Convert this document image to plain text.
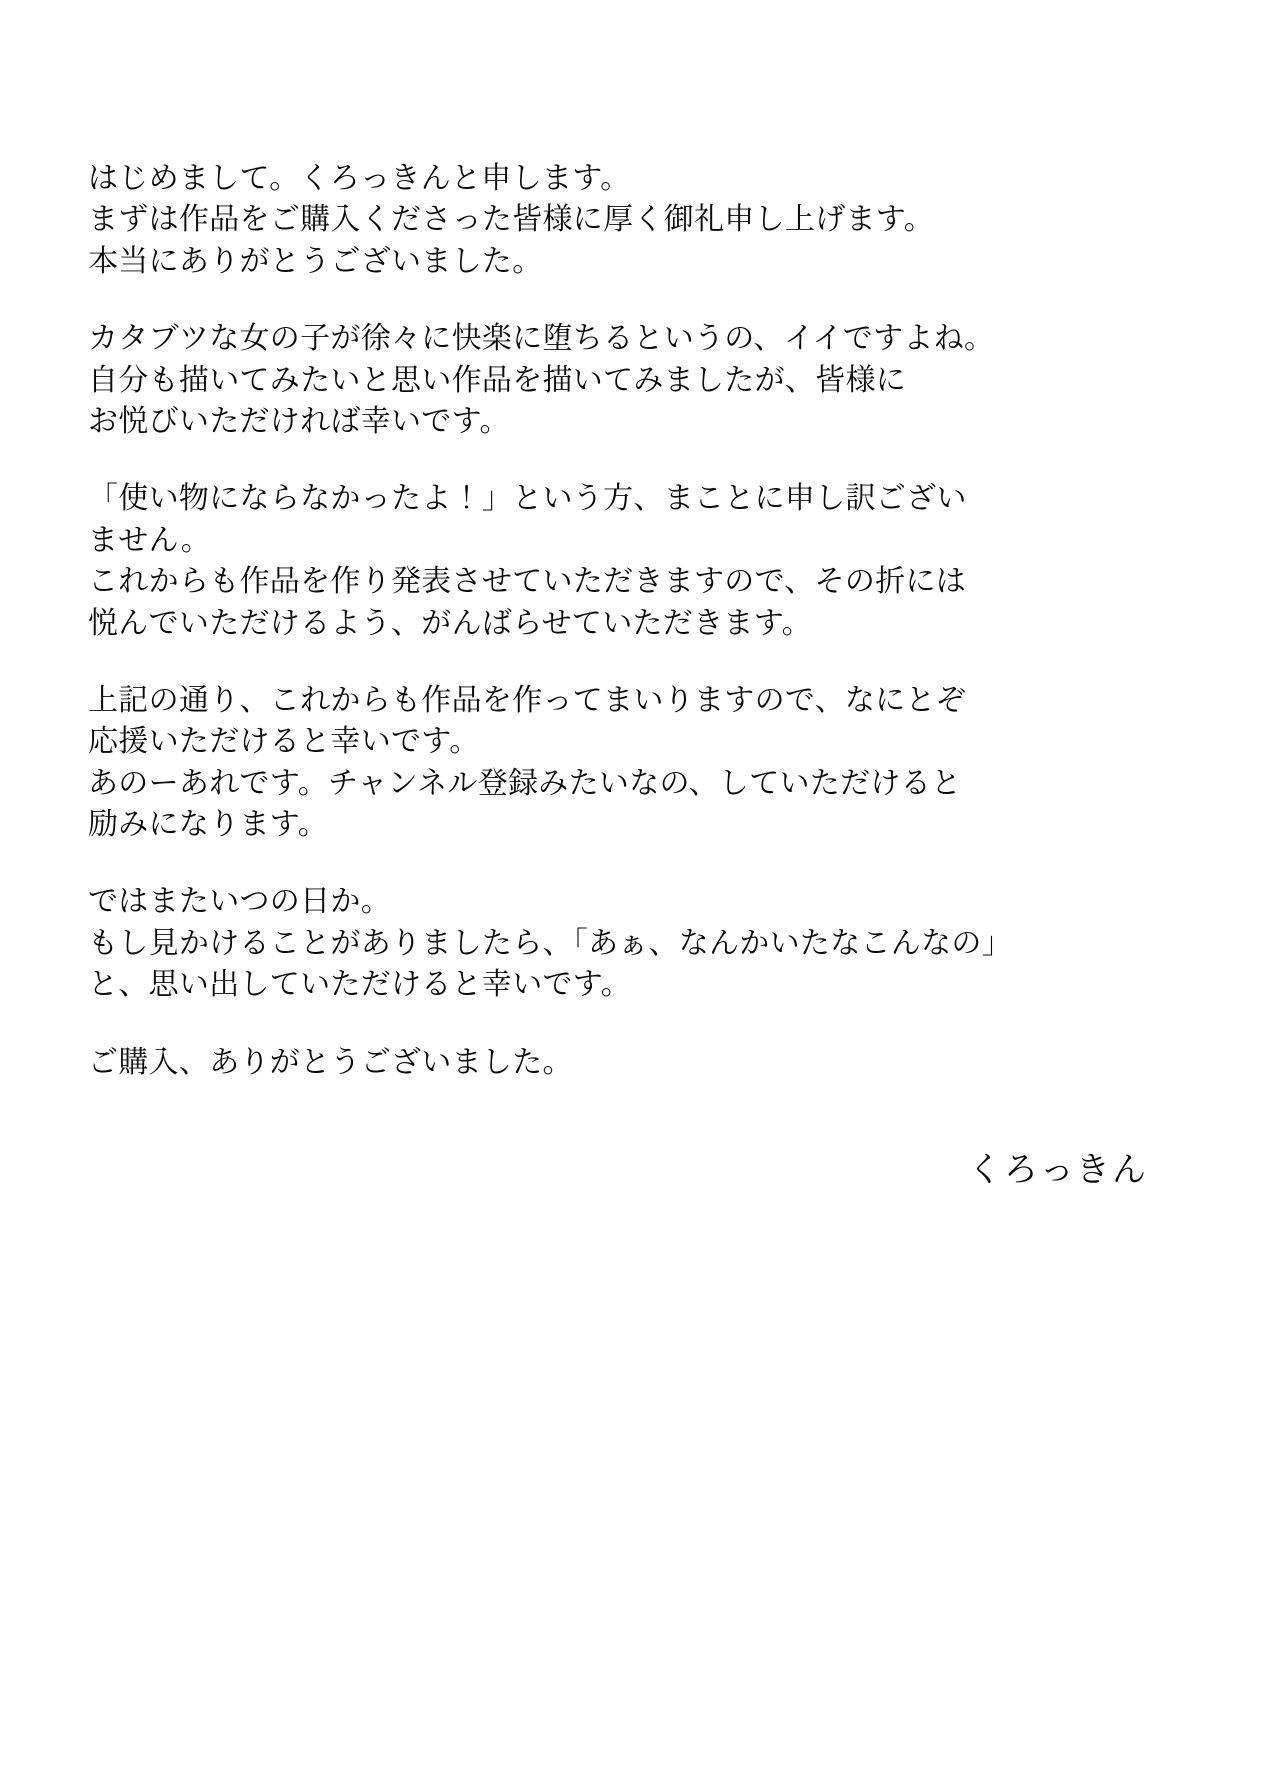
はじめまして。くろっきんと申します。
まずは作品をご購入くださった皆様に厚く御礼申し上げます。
本当にありがとうございました。
カタブツな女の子が徐々に快楽に堕ちるというの、イイですよね。
自分も描いてみたいと思い作品を描いてみましたが、皆様に
お悦びいただければ幸いです。
「使い物にならなかったよ！」という方、まことに申し訳ござい
ません。
これからも作品を作り発表させていただきますので、その折には
悦んでいただけるよう、がんばらせていただきます。
上記の通り、これからも作品を作ってまいりますので、なにとぞ
応援いただけると幸いです。
あのーあれです。チャンネル登録みたいなの、していただけると
励みになります。
ではまたいつの日か。
もし見かけることがありましたら、「あぁ、なんかいたなこんなの」
と、思い出していただけると幸いです。
ご購入、ありがとうございました。
くろっきん
